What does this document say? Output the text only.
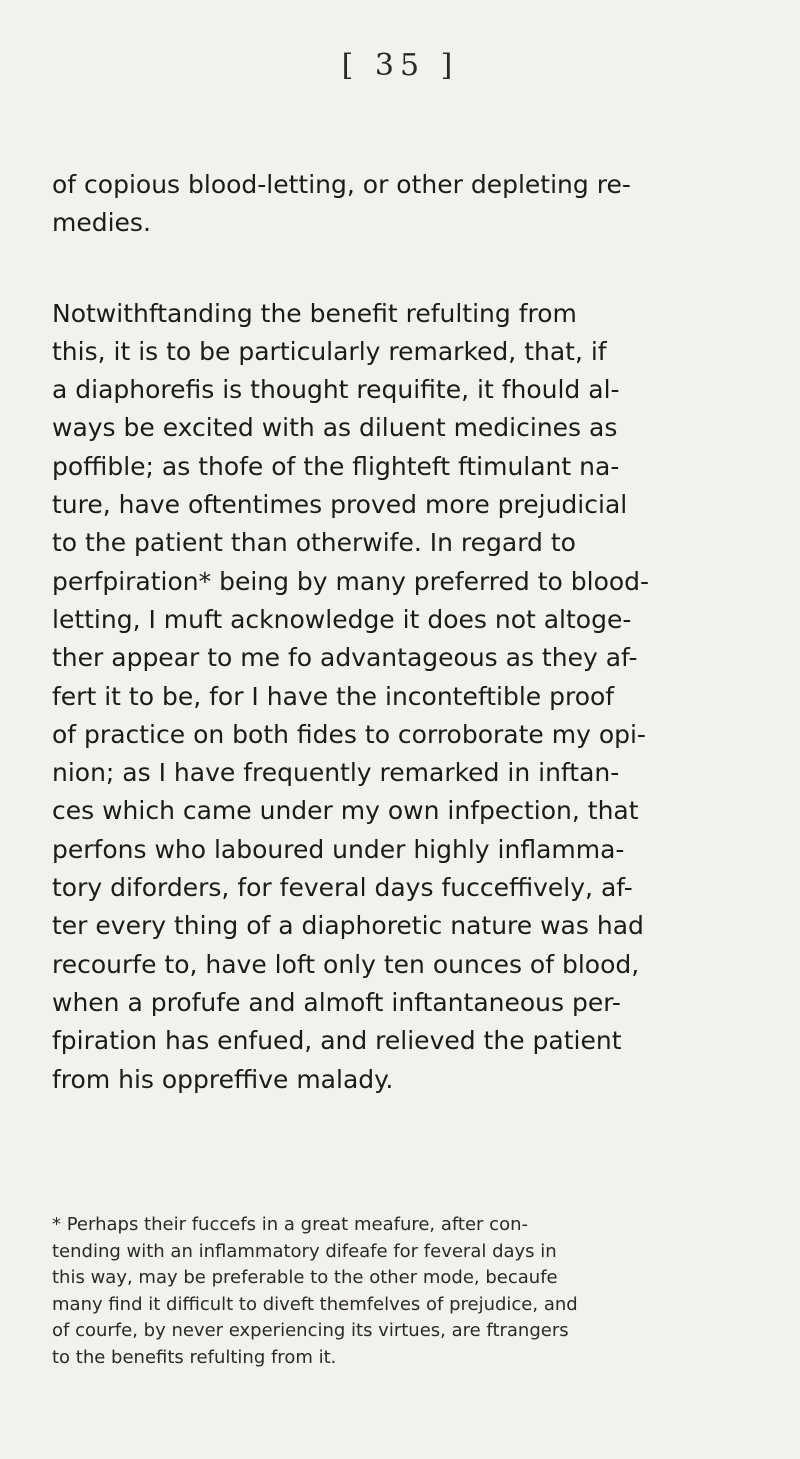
[ 35 ]
of copious blood-letting, or other depleting re-
medies.
Notwithftanding the benefit refulting from
this, it is to be particularly remarked, that, if
a diaphorefis is thought requifite, it fhould al-
ways be excited with as diluent medicines as
poffible; as thofe of the flighteft ftimulant na-
ture, have oftentimes proved more prejudicial
to the patient than otherwife. In regard to
perfpiration* being by many preferred to blood-
letting, I muft acknowledge it does not altoge-
ther appear to me fo advantageous as they af-
fert it to be, for I have the inconteftible proof
of practice on both fides to corroborate my opi-
nion; as I have frequently remarked in inftan-
ces which came under my own infpection, that
perfons who laboured under highly inflamma-
tory diforders, for feveral days fucceffively, af-
ter every thing of a diaphoretic nature was had
recourfe to, have loft only ten ounces of blood,
when a profufe and almoft inftantaneous per-
fpiration has enfued, and relieved the patient
from his oppreffive malady.
* Perhaps their fuccefs in a great meafure, after con-
tending with an inflammatory difeafe for feveral days in
this way, may be preferable to the other mode, becaufe
many find it difficult to diveft themfelves of prejudice, and
of courfe, by never experiencing its virtues, are ftrangers
to the benefits refulting from it.
